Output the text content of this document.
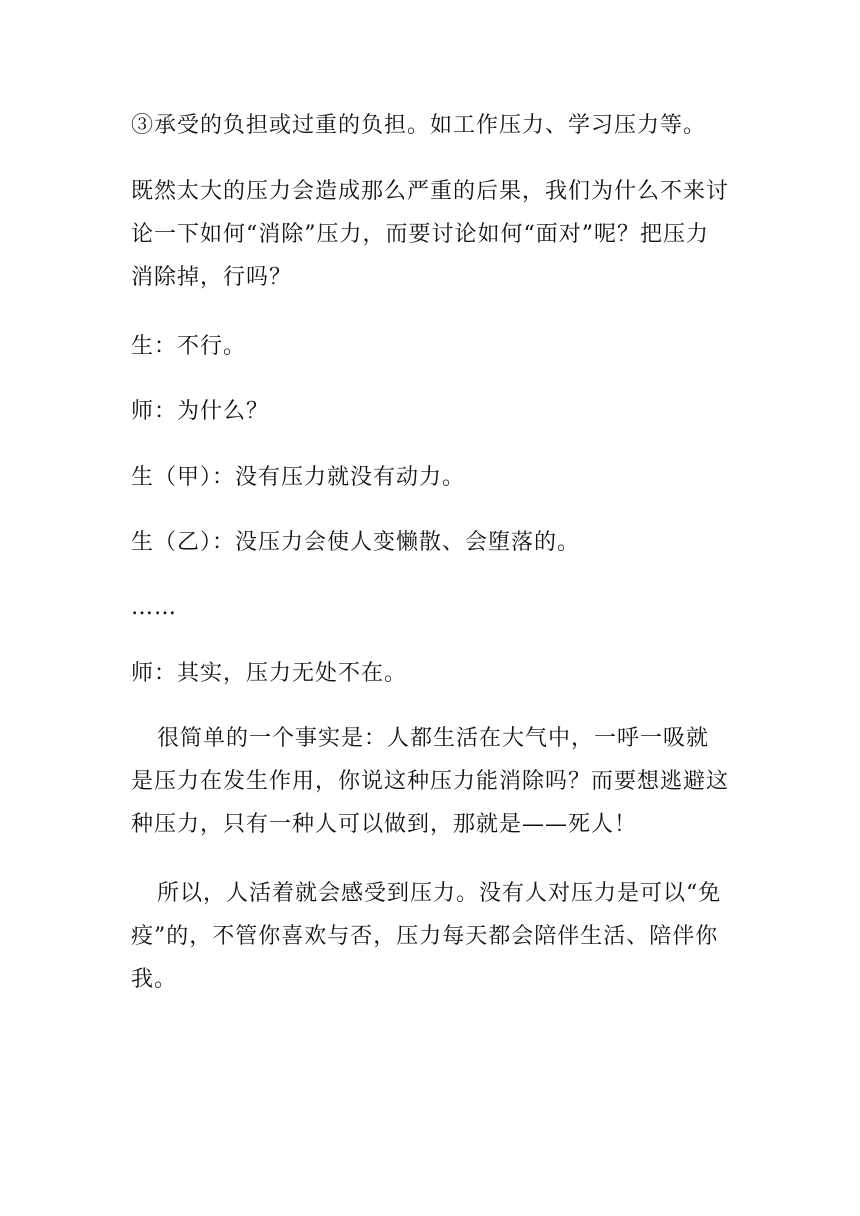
③承受的负担或过重的负担。如工作压力、学习压力等。

既然太大的压力会造成那么严重的后果，我们为什么不来讨论一下如何“消除”压力，而要讨论如何“面对”呢？把压力消除掉，行吗？

生：不行。

师：为什么？

生（甲）：没有压力就没有动力。

生（乙）：没压力会使人变懒散、会堕落的。

……

师：其实，压力无处不在。

很简单的一个事实是：人都生活在大气中，一呼一吸就是压力在发生作用，你说这种压力能消除吗？而要想逃避这种压力，只有一种人可以做到，那就是——死人！

所以，人活着就会感受到压力。没有人对压力是可以“免疫”的，不管你喜欢与否，压力每天都会陪伴生活、陪伴你我。
